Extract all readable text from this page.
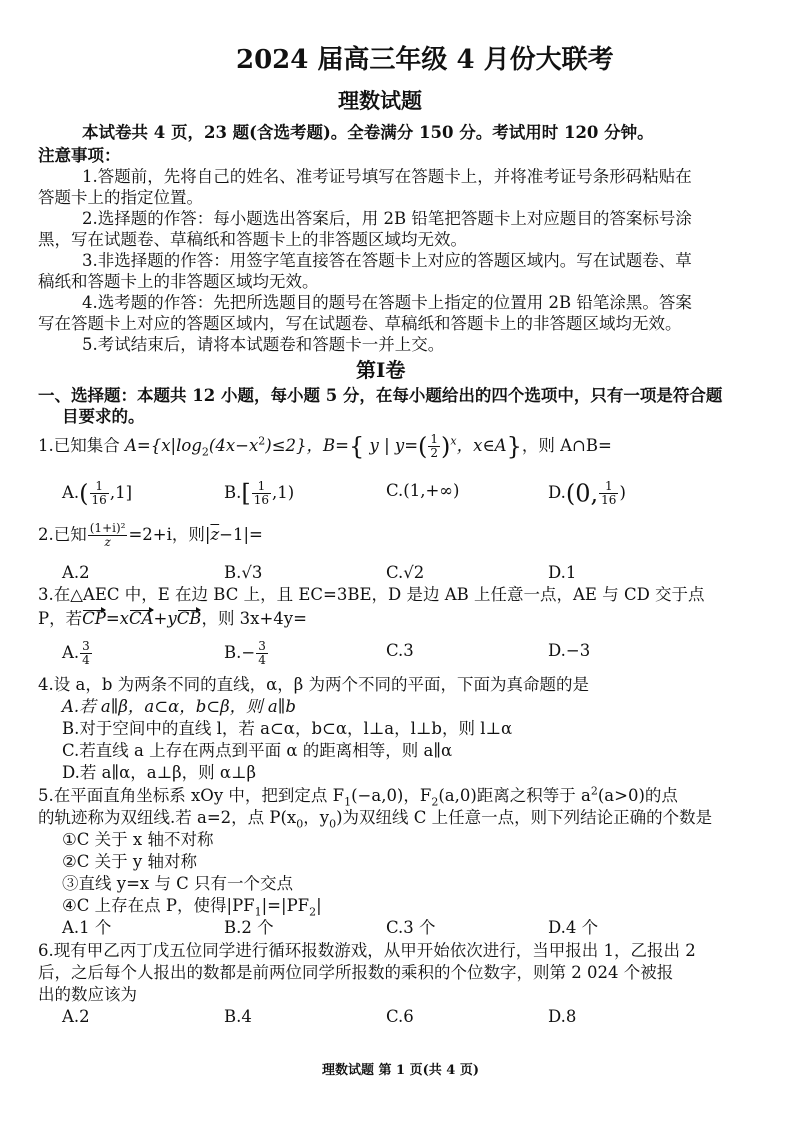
2024 届高三年级 4 月份大联考
理数试题
本试卷共 4 页，23 题(含选考题)。全卷满分 150 分。考试用时 120 分钟。
注意事项：
1.答题前，先将自己的姓名、准考证号填写在答题卡上，并将准考证号条形码粘贴在
答题卡上的指定位置。
2.选择题的作答：每小题选出答案后，用 2B 铅笔把答题卡上对应题目的答案标号涂
黑，写在试题卷、草稿纸和答题卡上的非答题区域均无效。
3.非选择题的作答：用签字笔直接答在答题卡上对应的答题区域内。写在试题卷、草
稿纸和答题卡上的非答题区域均无效。
4.选考题的作答：先把所选题目的题号在答题卡上指定的位置用 2B 铅笔涂黑。答案
写在答题卡上对应的答题区域内，写在试题卷、草稿纸和答题卡上的非答题区域均无效。
5.考试结束后，请将本试题卷和答题卡一并上交。
第Ⅰ卷
一、选择题：本题共 12 小题，每小题 5 分，在每小题给出的四个选项中，只有一项是符合题
目要求的。
1.已知集合 $A=\{x|\log_2(4x-x^2)\le 2\}$，B={ y | $y=( \frac{1}{2} )^x$，x∈A}，则 A∩B=
$A.( \frac{1}{16} ,1]$	$B.[ \frac{1}{16} ,1)$	C.(1,+∞)	D.(0, $\frac{1}{16}$ )
2.已知 $\frac{\text{(1+i)²}}{z} =2+i$，则$|\overline{z}-1|=$
A.2	B.√3	C.√2	D.1
3.在△AEC 中，E 在边 BC 上，且 EC=3BE，D 是边 AB 上任意一点，AE 与 CD 交于点
P，若CP=xCA+yCB，则 3x+4y=
A. $\frac{3}{4}$	$B.- \frac{3}{4}$	C.3	D.−3
4.设 a，b 为两条不同的直线，α，β 为两个不同的平面，下面为真命题的是
A.若 a∥β，a⊂α，b⊂β，则 a∥b
B.对于空间中的直线 l，若 a⊂α，b⊂α，l⊥a，l⊥b，则 l⊥α
C.若直线 a 上存在两点到平面 α 的距离相等，则 a∥α
D.若 a∥α，a⊥β，则 α⊥β
5.在平面直角坐标系 xOy 中，把到定点 $F_1(-a,0)$，$F_2(a,0)$距离之积等于 $a^2(a>0)$的点
的轨迹称为双纽线.若 a=2，点 $P(x_0$，$y_0$)为双纽线 C 上任意一点，则下列结论正确的个数是
①C 关于 x 轴不对称
②C 关于 y 轴对称
③直线 y=x 与 C 只有一个交点
④C 上存在点 P，使得$|PF_1|=|PF_2|$
A.1 个	B.2 个	C.3 个	D.4 个
6.现有甲乙丙丁戊五位同学进行循环报数游戏，从甲开始依次进行，当甲报出 1，乙报出 2
后，之后每个人报出的数都是前两位同学所报数的乘积的个位数字，则第 2 024 个被报
出的数应该为
A.2	B.4	C.6	D.8
理数试题 第 1 页(共 4 页)
